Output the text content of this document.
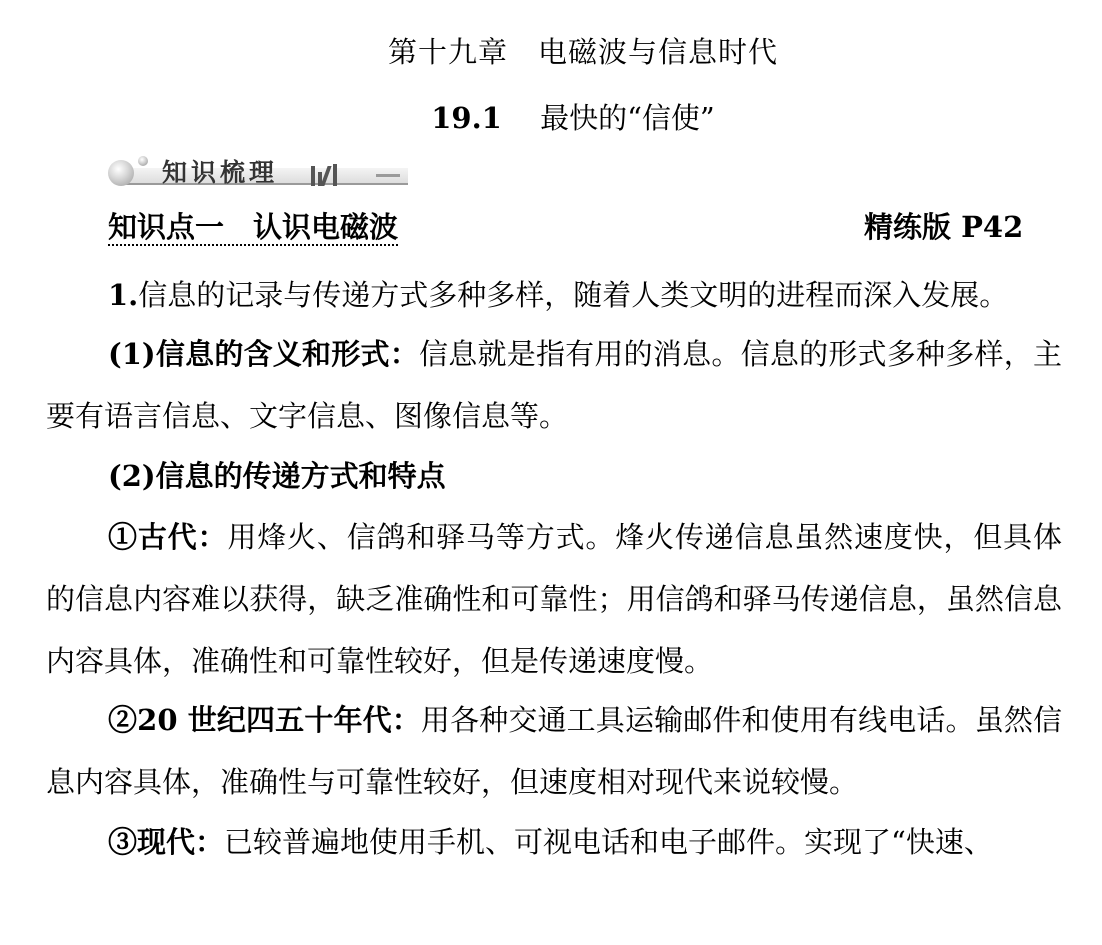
第十九章　电磁波与信息时代
19.1　 最快的“信使”
知识梳理
知识点一　认识电磁波	精练版 P42
1.信息的记录与传递方式多种多样，随着人类文明的进程而深入发展。
(1)信息的含义和形式：信息就是指有用的消息。信息的形式多种多样，主要有语言信息、文字信息、图像信息等。
(2)信息的传递方式和特点
①古代：用烽火、信鸽和驿马等方式。烽火传递信息虽然速度快，但具体的信息内容难以获得，缺乏准确性和可靠性；用信鸽和驿马传递信息，虽然信息内容具体，准确性和可靠性较好，但是传递速度慢。
②20 世纪四五十年代：用各种交通工具运输邮件和使用有线电话。虽然信息内容具体，准确性与可靠性较好，但速度相对现代来说较慢。
③现代：已较普遍地使用手机、可视电话和电子邮件。实现了“快速、
